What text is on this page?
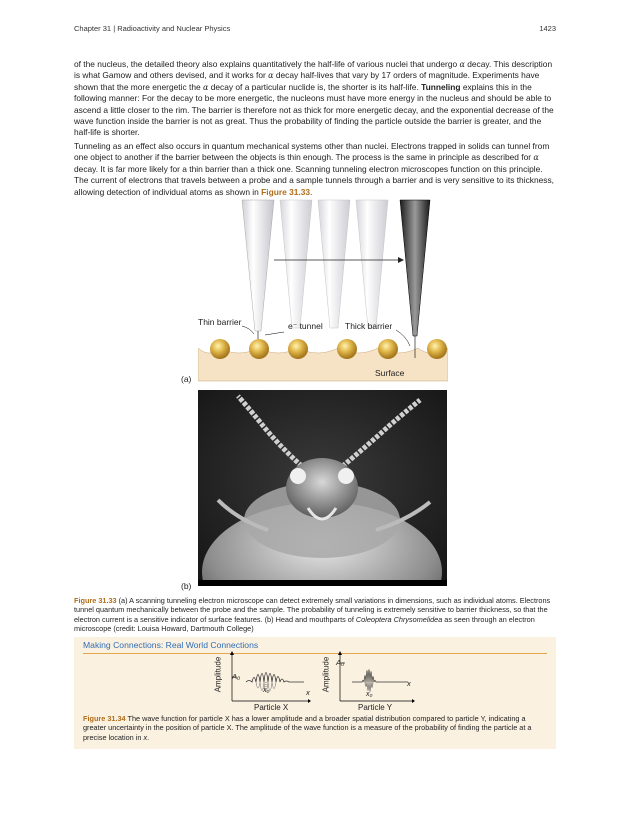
Chapter 31 | Radioactivity and Nuclear Physics	1423

of the nucleus, the detailed theory also explains quantitatively the half-life of various nuclei that undergo α decay. This description is what Gamow and others devised, and it works for α decay half-lives that vary by 17 orders of magnitude. Experiments have shown that the more energetic the α decay of a particular nuclide is, the shorter is its half-life. Tunneling explains this in the following manner: For the decay to be more energetic, the nucleons must have more energy in the nucleus and should be able to ascend a little closer to the rim. The barrier is therefore not as thick for more energetic decay, and the exponential decrease of the wave function inside the barrier is not as great. Thus the probability of finding the particle outside the barrier is greater, and the half-life is shorter.

Tunneling as an effect also occurs in quantum mechanical systems other than nuclei. Electrons trapped in solids can tunnel from one object to another if the barrier between the objects is thin enough. The process is the same in principle as described for α decay. It is far more likely for a thin barrier than a thick one. Scanning tunneling electron microscopes function on this principle. The current of electrons that travels between a probe and a sample tunnels through a barrier and is very sensitive to its thickness, allowing detection of individual atoms as shown in Figure 31.33.

Thin barrier	e⁻ tunnel	Thick barrier
Surface
(a)
(b)

Figure 31.33 (a) A scanning tunneling electron microscope can detect extremely small variations in dimensions, such as individual atoms. Electrons tunnel quantum mechanically between the probe and the sample. The probability of tunneling is extremely sensitive to barrier thickness, so that the electron current is a sensitive indicator of surface features. (b) Head and mouthparts of Coleoptera Chrysomelidea as seen through an electron microscope (credit: Louisa Howard, Dartmouth College)

Making Connections: Real World Connections
Amplitude A₀
x
x₀
Particle X
Amplitude A₀
x
x₀
Particle Y

Figure 31.34 The wave function for particle X has a lower amplitude and a broader spatial distribution compared to particle Y, indicating a greater uncertainty in the position of particle X. The amplitude of the wave function is a measure of the probability of finding the particle at a precise location in x.
